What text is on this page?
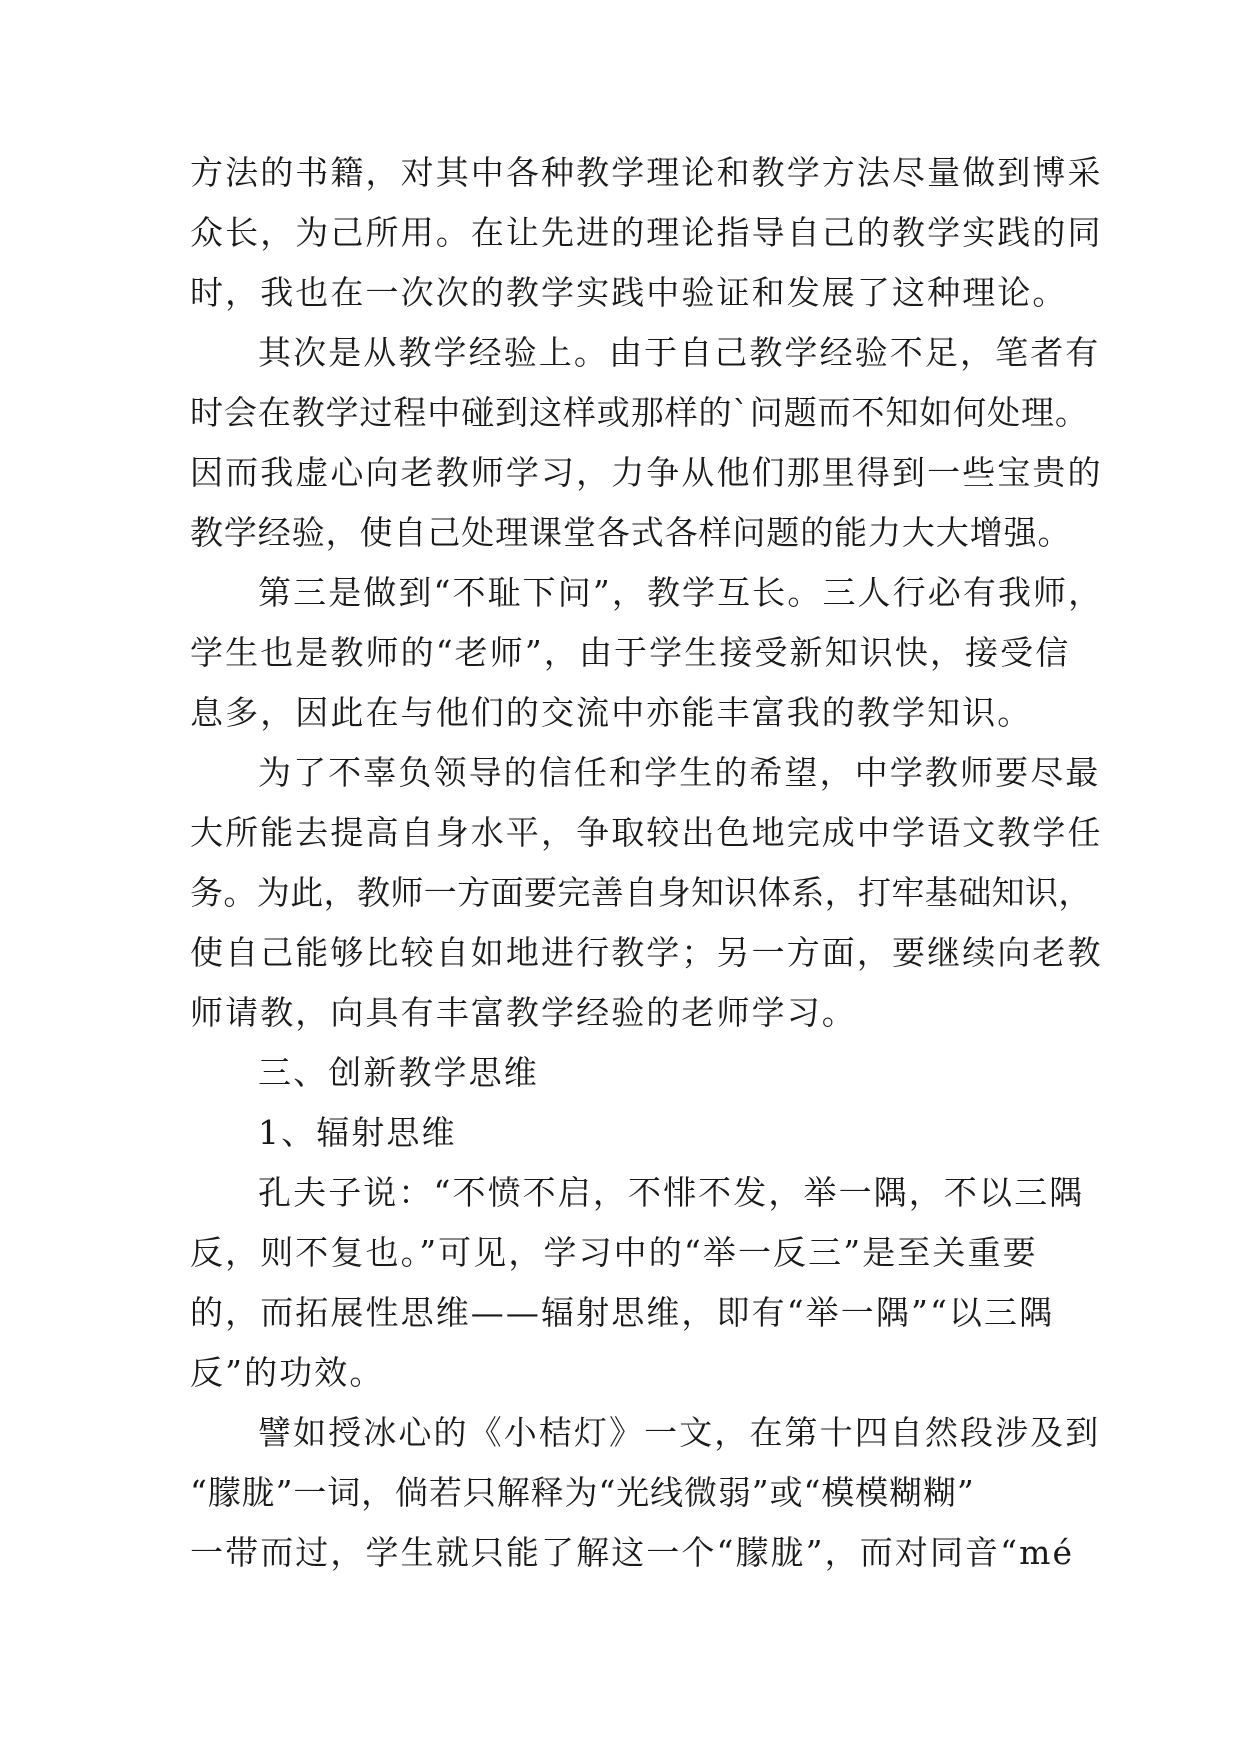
方法的书籍，对其中各种教学理论和教学方法尽量做到博采
众长，为己所用。在让先进的理论指导自己的教学实践的同
时，我也在一次次的教学实践中验证和发展了这种理论。
其次是从教学经验上。由于自己教学经验不足，笔者有
时会在教学过程中碰到这样或那样的`问题而不知如何处理。
因而我虚心向老教师学习，力争从他们那里得到一些宝贵的
教学经验，使自己处理课堂各式各样问题的能力大大增强。
第三是做到“不耻下问”，教学互长。三人行必有我师，
学生也是教师的“老师”，由于学生接受新知识快，接受信
息多，因此在与他们的交流中亦能丰富我的教学知识。
为了不辜负领导的信任和学生的希望，中学教师要尽最
大所能去提高自身水平，争取较出色地完成中学语文教学任
务。为此，教师一方面要完善自身知识体系，打牢基础知识，
使自己能够比较自如地进行教学；另一方面，要继续向老教
师请教，向具有丰富教学经验的老师学习。
三、创新教学思维
1、辐射思维
孔夫子说：“不愤不启，不悱不发，举一隅，不以三隅
反，则不复也。”可见，学习中的“举一反三”是至关重要
的，而拓展性思维——辐射思维，即有“举一隅”“以三隅
反”的功效。
譬如授冰心的《小桔灯》一文，在第十四自然段涉及到
“朦胧”一词，倘若只解释为“光线微弱”或“模模糊糊”
一带而过，学生就只能了解这一个“朦胧”，而对同音“mé
